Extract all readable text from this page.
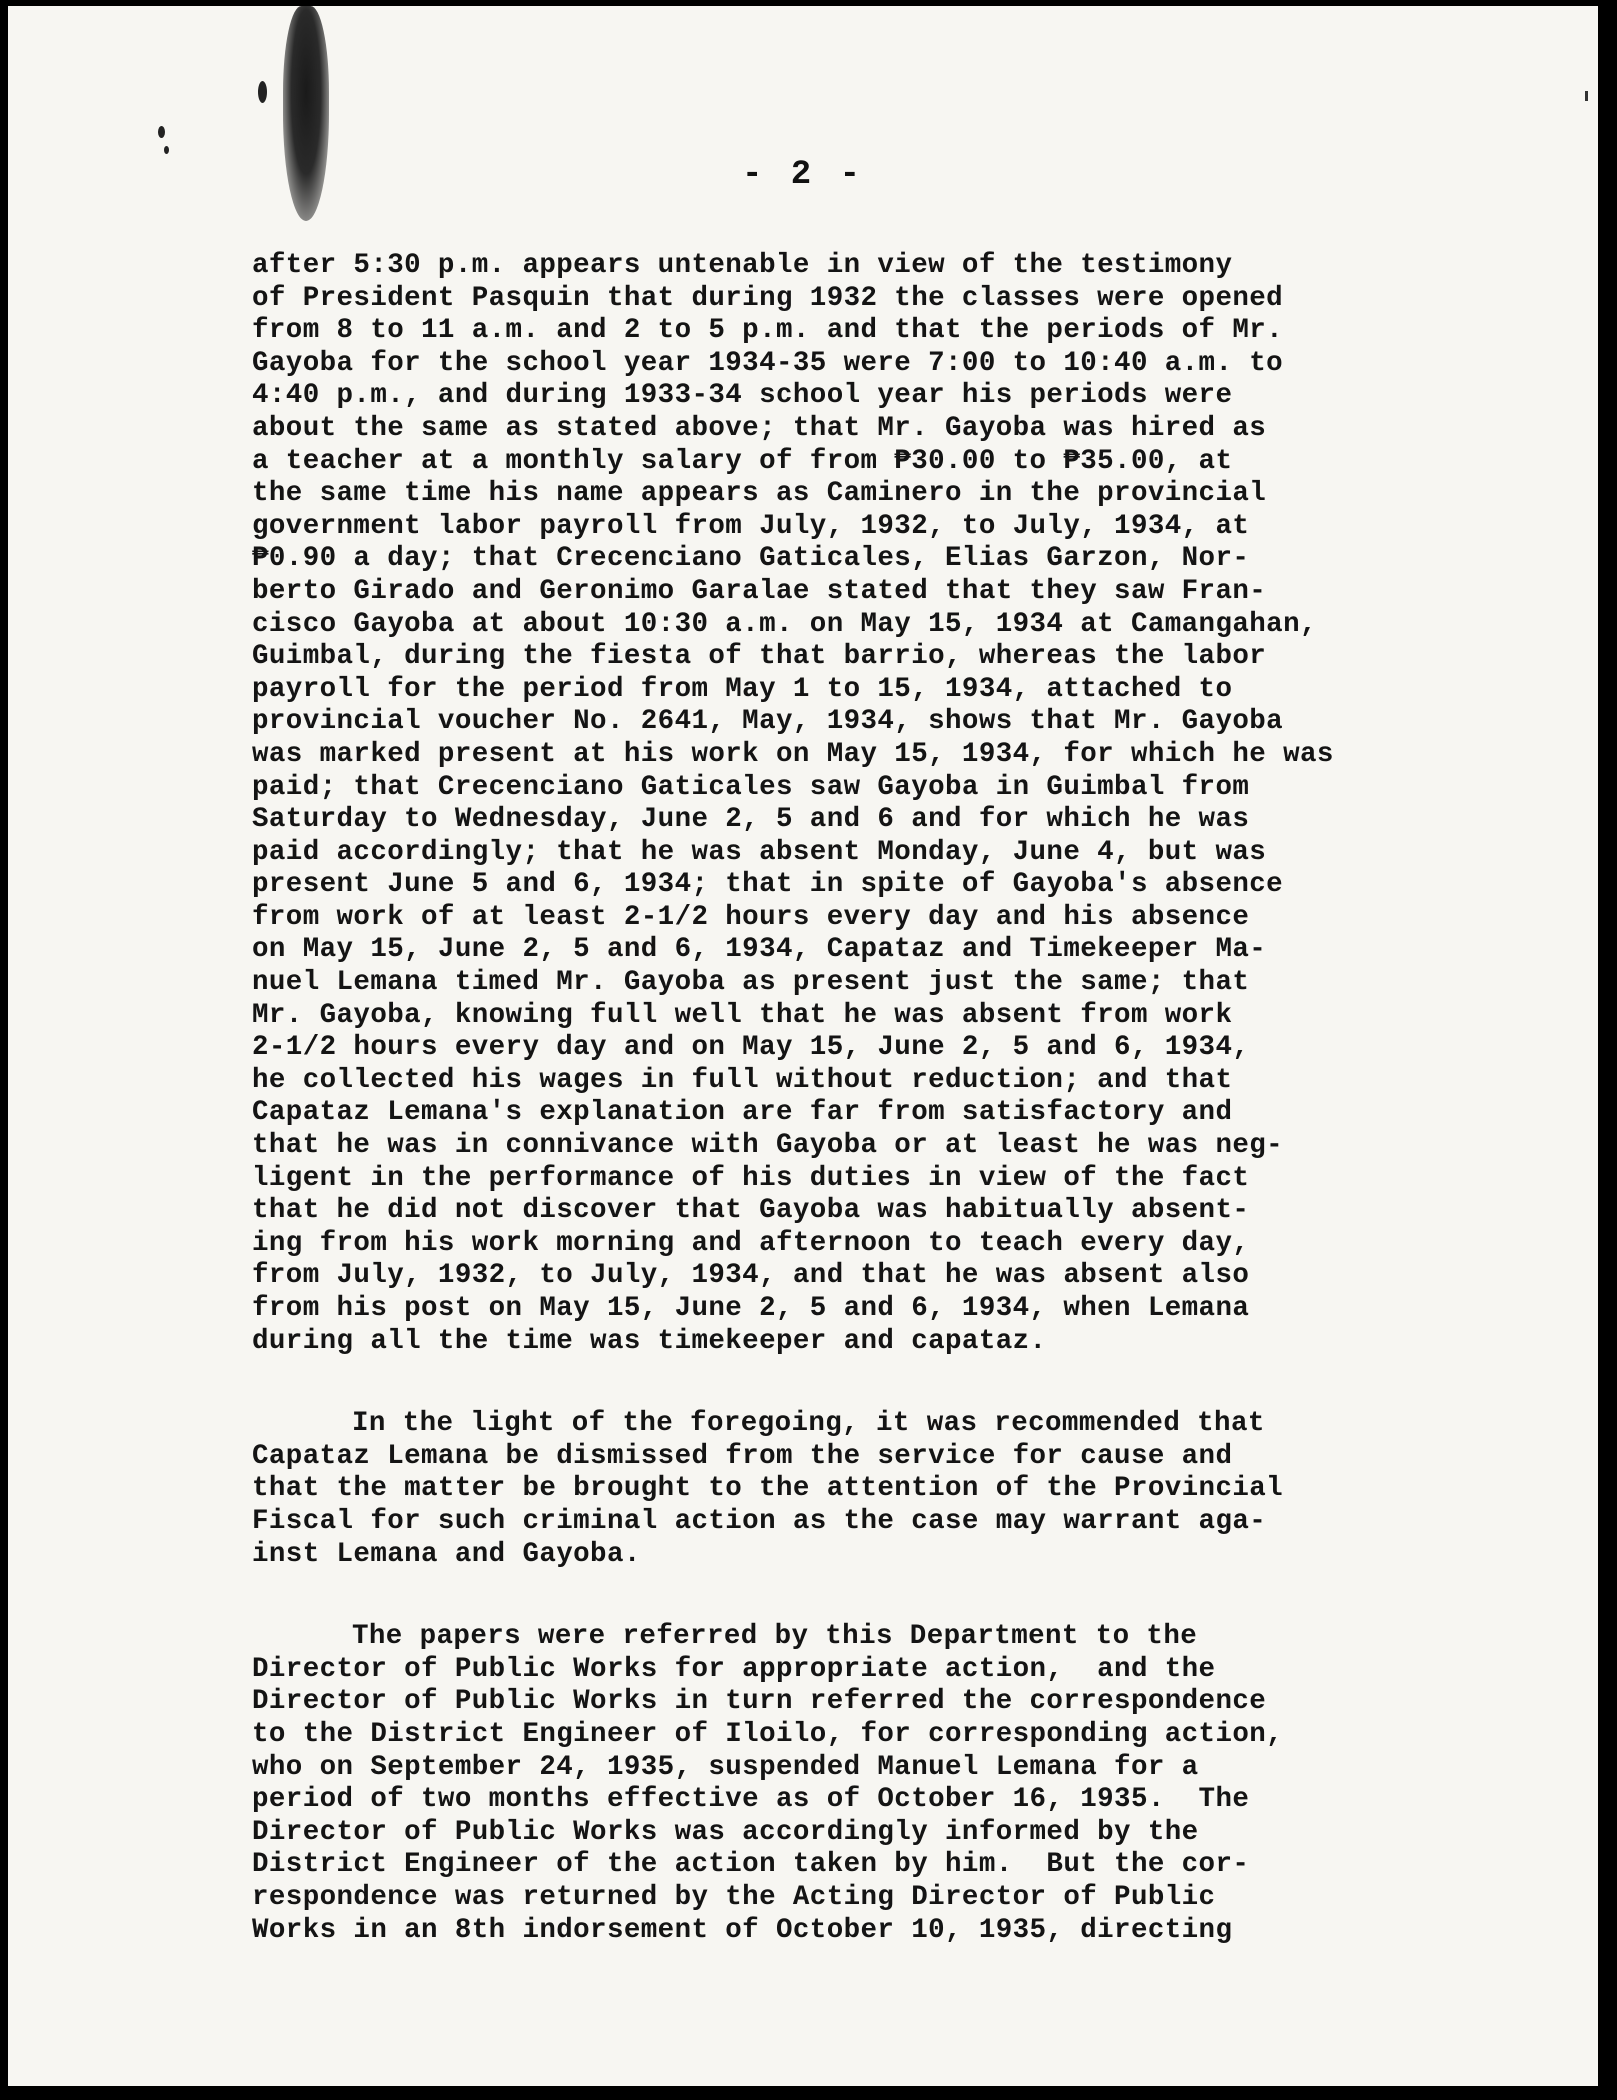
- 2 -
after 5:30 p.m. appears untenable in view of the testimony
of President Pasquin that during 1932 the classes were opened
from 8 to 11 a.m. and 2 to 5 p.m. and that the periods of Mr.
Gayoba for the school year 1934-35 were 7:00 to 10:40 a.m. to
4:40 p.m., and during 1933-34 school year his periods were
about the same as stated above; that Mr. Gayoba was hired as
a teacher at a monthly salary of from ₱30.00 to ₱35.00, at
the same time his name appears as Caminero in the provincial
government labor payroll from July, 1932, to July, 1934, at
₱0.90 a day; that Crecenciano Gaticales, Elias Garzon, Nor-
berto Girado and Geronimo Garalae stated that they saw Fran-
cisco Gayoba at about 10:30 a.m. on May 15, 1934 at Camangahan,
Guimbal, during the fiesta of that barrio, whereas the labor
payroll for the period from May 1 to 15, 1934, attached to
provincial voucher No. 2641, May, 1934, shows that Mr. Gayoba
was marked present at his work on May 15, 1934, for which he was
paid; that Crecenciano Gaticales saw Gayoba in Guimbal from
Saturday to Wednesday, June 2, 5 and 6 and for which he was
paid accordingly; that he was absent Monday, June 4, but was
present June 5 and 6, 1934; that in spite of Gayoba's absence
from work of at least 2-1/2 hours every day and his absence
on May 15, June 2, 5 and 6, 1934, Capataz and Timekeeper Ma-
nuel Lemana timed Mr. Gayoba as present just the same; that
Mr. Gayoba, knowing full well that he was absent from work
2-1/2 hours every day and on May 15, June 2, 5 and 6, 1934,
he collected his wages in full without reduction; and that
Capataz Lemana's explanation are far from satisfactory and
that he was in connivance with Gayoba or at least he was neg-
ligent in the performance of his duties in view of the fact
that he did not discover that Gayoba was habitually absent-
ing from his work morning and afternoon to teach every day,
from July, 1932, to July, 1934, and that he was absent also
from his post on May 15, June 2, 5 and 6, 1934, when Lemana
during all the time was timekeeper and capataz.
In the light of the foregoing, it was recommended that
Capataz Lemana be dismissed from the service for cause and
that the matter be brought to the attention of the Provincial
Fiscal for such criminal action as the case may warrant aga-
inst Lemana and Gayoba.
The papers were referred by this Department to the
Director of Public Works for appropriate action,  and the
Director of Public Works in turn referred the correspondence
to the District Engineer of Iloilo, for corresponding action,
who on September 24, 1935, suspended Manuel Lemana for a
period of two months effective as of October 16, 1935.  The
Director of Public Works was accordingly informed by the
District Engineer of the action taken by him.  But the cor-
respondence was returned by the Acting Director of Public
Works in an 8th indorsement of October 10, 1935, directing
